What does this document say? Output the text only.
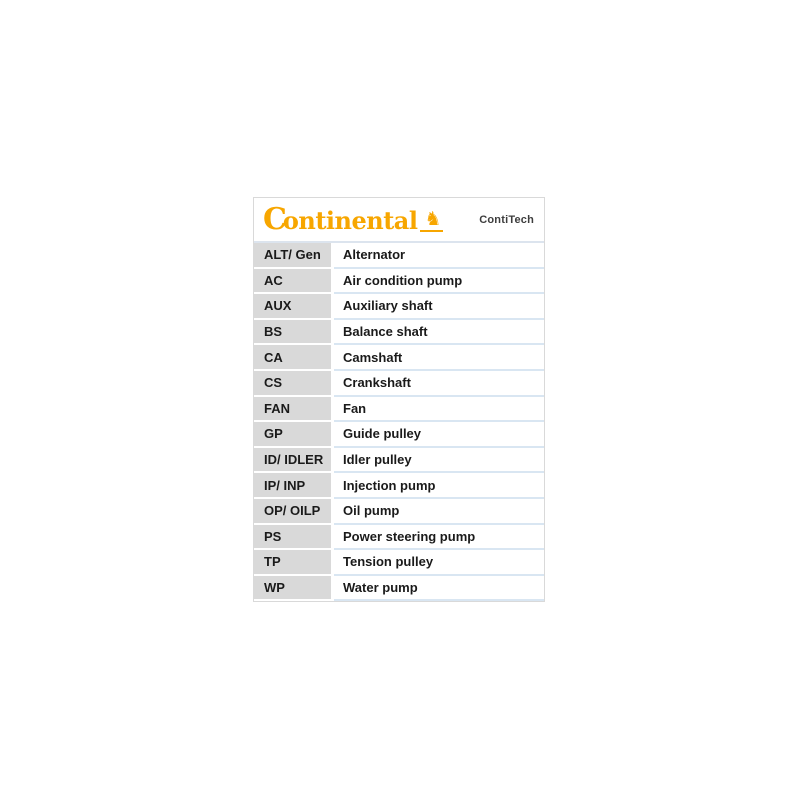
C
ontinental ♞	ContiTech
ALT/ Gen	Alternator
AC	Air condition pump
AUX	Auxiliary shaft
BS	Balance shaft
CA	Camshaft
CS	Crankshaft
FAN	Fan
GP	Guide pulley
ID/ IDLER	Idler pulley
IP/ INP	Injection pump
OP/ OILP	Oil pump
PS	Power steering pump
TP	Tension pulley
WP	Water pump
